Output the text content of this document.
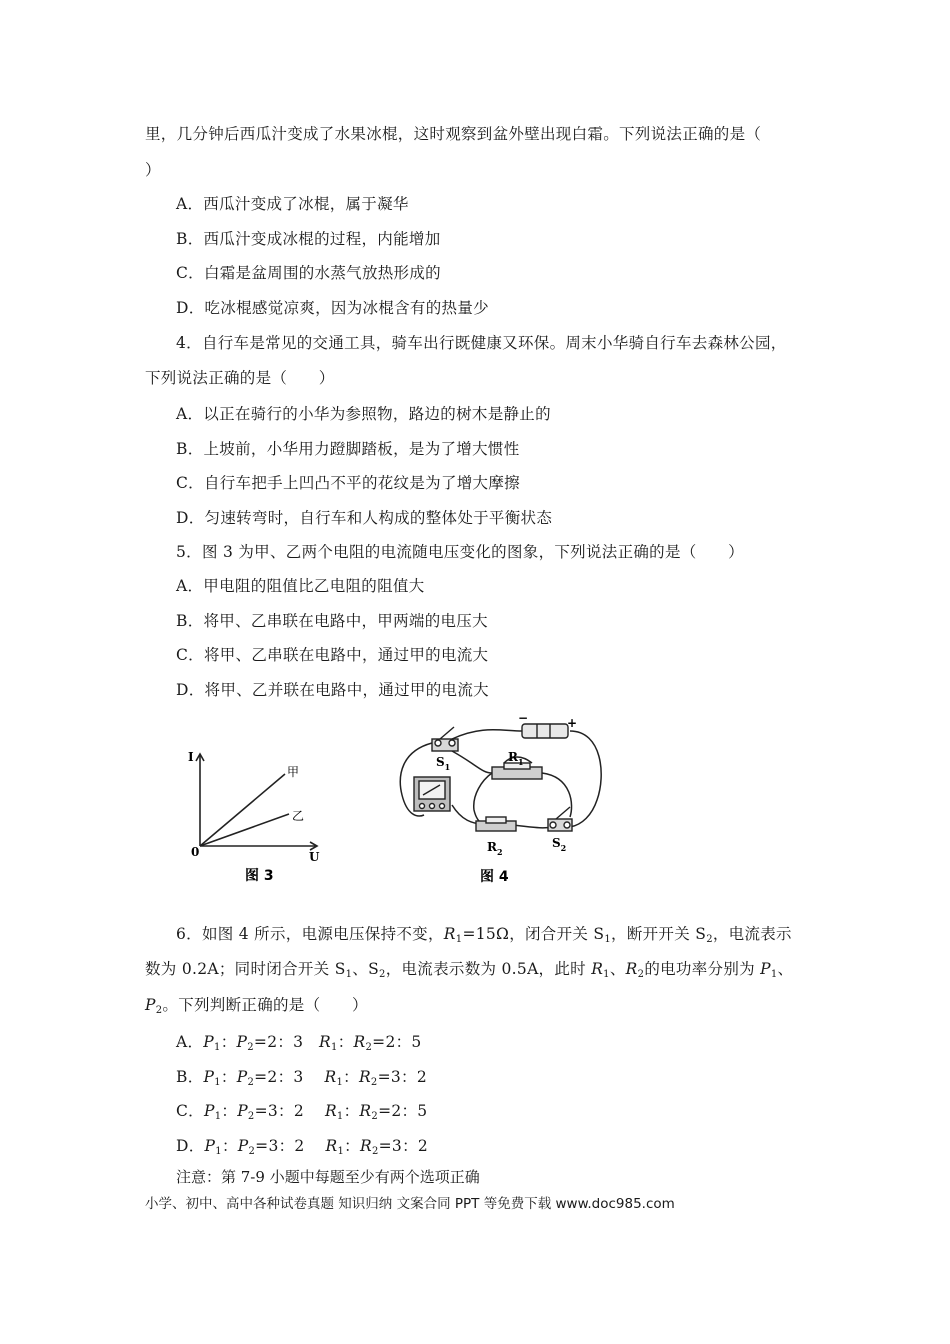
里，几分钟后西瓜汁变成了水果冰棍，这时观察到盆外壁出现白霜。下列说法正确的是（
）
A．西瓜汁变成了冰棍，属于凝华
B．西瓜汁变成冰棍的过程，内能增加
C．白霜是盆周围的水蒸气放热形成的
D．吃冰棍感觉凉爽，因为冰棍含有的热量少
4．自行车是常见的交通工具，骑车出行既健康又环保。周末小华骑自行车去森林公园，
下列说法正确的是（　　）
A．以正在骑行的小华为参照物，路边的树木是静止的
B．上坡前，小华用力蹬脚踏板，是为了增大惯性
C．自行车把手上凹凸不平的花纹是为了增大摩擦
D．匀速转弯时，自行车和人构成的整体处于平衡状态
5．图 3 为甲、乙两个电阻的电流随电压变化的图象，下列说法正确的是（　　）
A．甲电阻的阻值比乙电阻的阻值大
B．将甲、乙串联在电路中，甲两端的电压大
C．将甲、乙串联在电路中，通过甲的电流大
D．将甲、乙并联在电路中，通过甲的电流大
I
U
0
甲
乙
图 3
−	+
$S_1$
$R_1$
$R_2$
$S_2$
图 4
6．如图 4 所示，电源电压保持不变，$R_1=15\Omega$，闭合开关 $S_1$，断开开关 $S_2$，电流表示
数为 0.2A；同时闭合开关 $S_1$、$S_2$，电流表示数为 0.5A，此时 $R_1$、$R_2$的电功率分别为 $P_1$、
$P_2$。下列判断正确的是（　　）
A．$P_1$：$P_2=2$：3 $R_1$：$R_2=2$：5
B．$P_1$：$P_2=2$：3 $R_1$：$R_2=3$：2
C．$P_1$：$P_2=3$：2 $R_1$：$R_2=2$：5
D．$P_1$：$P_2=3$：2 $R_1$：$R_2=3$：2
注意：第 7-9 小题中每题至少有两个选项正确
小学、初中、高中各种试卷真题 知识归纳 文案合同 PPT 等免费下载 www.doc985.com
